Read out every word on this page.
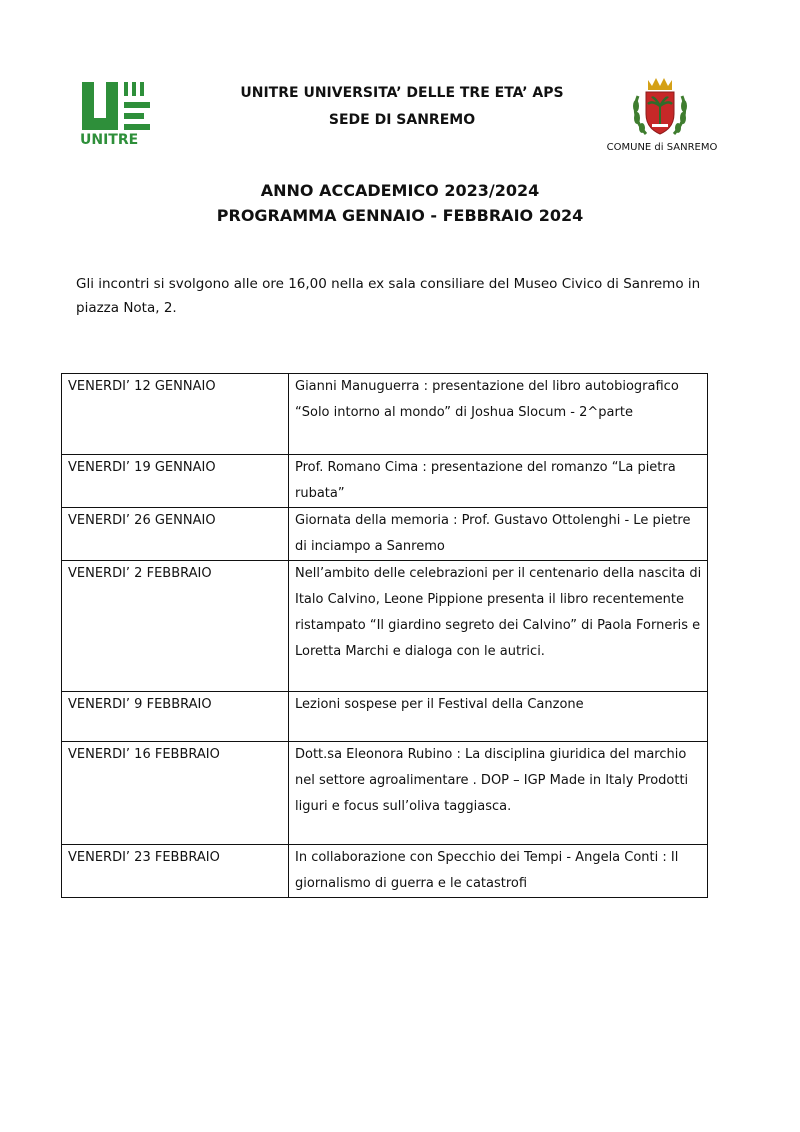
UNITRE
UNITRE UNIVERSITA’ DELLE TRE ETA’ APS
SEDE DI SANREMO
COMUNE di SANREMO
ANNO ACCADEMICO 2023/2024
PROGRAMMA GENNAIO - FEBBRAIO 2024
Gli incontri si svolgono alle ore 16,00 nella ex sala consiliare del Museo Civico di Sanremo in piazza Nota, 2.
VENERDI’ 12 GENNAIO	Gianni Manuguerra : presentazione del libro autobiografico “Solo intorno al mondo” di Joshua Slocum - 2^parte
VENERDI’ 19 GENNAIO	Prof. Romano Cima : presentazione del romanzo “La pietra rubata”
VENERDI’ 26 GENNAIO	Giornata della memoria : Prof. Gustavo Ottolenghi - Le pietre di inciampo a Sanremo
VENERDI’ 2 FEBBRAIO	Nell’ambito delle celebrazioni per il centenario della nascita di Italo Calvino, Leone Pippione presenta il libro recentemente ristampato “Il giardino segreto dei Calvino” di Paola Forneris e Loretta Marchi e dialoga con le autrici.
VENERDI’ 9 FEBBRAIO	Lezioni sospese per il Festival della Canzone
VENERDI’ 16 FEBBRAIO	Dott.sa Eleonora Rubino : La disciplina giuridica del marchio nel settore agroalimentare . DOP – IGP Made in Italy Prodotti liguri e focus sull’oliva taggiasca.
VENERDI’ 23 FEBBRAIO	In collaborazione con Specchio dei Tempi - Angela Conti : Il giornalismo di guerra e le catastrofi
